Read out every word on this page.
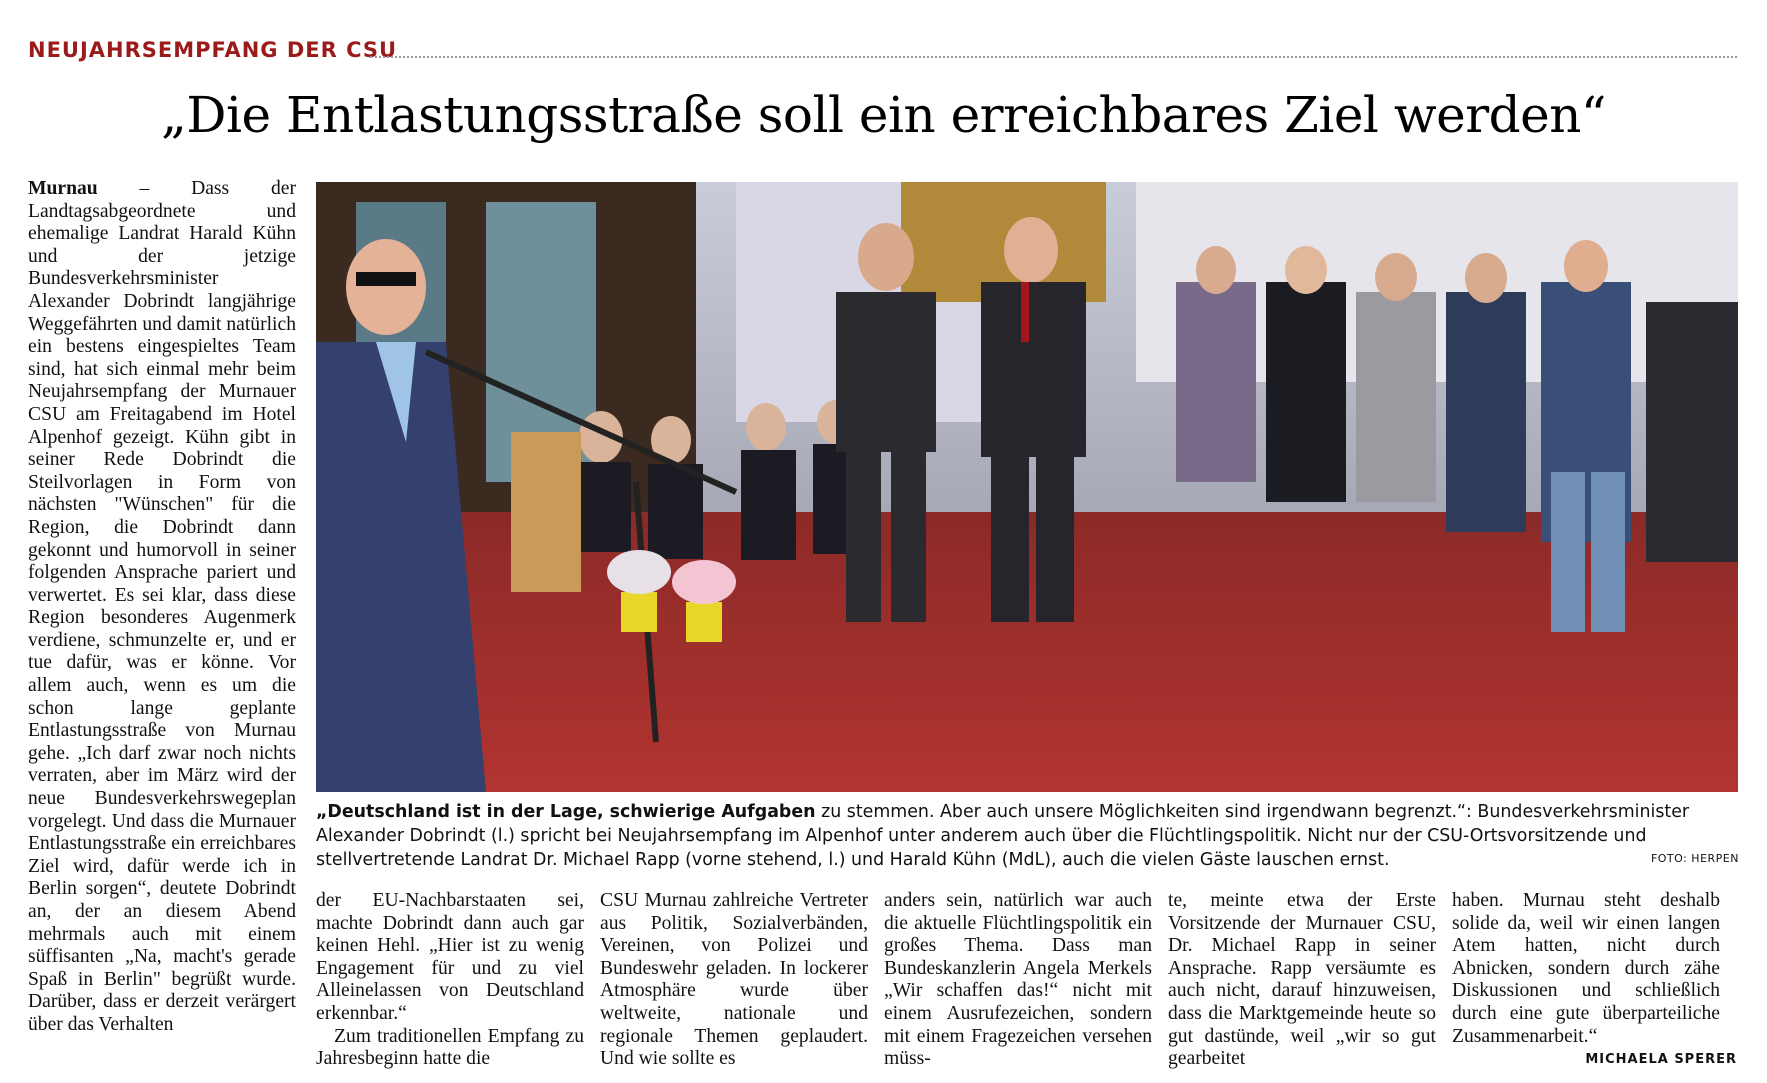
NEUJAHRSEMPFANG DER CSU
„Die Entlastungsstraße soll ein erreichbares Ziel werden“

Murnau – Dass der Landtagsabgeordnete und ehemalige Landrat Harald Kühn und der jetzige Bundesverkehrsminister Alexander Dobrindt langjährige Weggefährten und damit natürlich ein bestens eingespieltes Team sind, hat sich einmal mehr beim Neujahrsempfang der Murnauer CSU am Freitagabend im Hotel Alpenhof gezeigt. Kühn gibt in seiner Rede Dobrindt die Steilvorlagen in Form von nächsten "Wünschen" für die Region, die Dobrindt dann gekonnt und humorvoll in seiner folgenden Ansprache pariert und verwertet. Es sei klar, dass diese Region besonderes Augenmerk verdiene, schmunzelte er, und er tue dafür, was er könne. Vor allem auch, wenn es um die schon lange geplante Entlastungsstraße von Murnau gehe. „Ich darf zwar noch nichts verraten, aber im März wird der neue Bundesverkehrswegeplan vorgelegt. Und dass die Murnauer Entlastungsstraße ein erreichbares Ziel wird, dafür werde ich in Berlin sorgen“, deutete Dobrindt an, der an diesem Abend mehrmals auch mit einem süffisanten „Na, macht's gerade Spaß in Berlin" begrüßt wurde. Darüber, dass er derzeit verärgert über das Verhalten

„Deutschland ist in der Lage, schwierige Aufgaben zu stemmen. Aber auch unsere Möglichkeiten sind irgendwann begrenzt.“: Bundesverkehrsminister Alexander Dobrindt (l.) spricht bei Neujahrsempfang im Alpenhof unter anderem auch über die Flüchtlingspolitik. Nicht nur der CSU-Ortsvorsitzende und stellvertretende Landrat Dr. Michael Rapp (vorne stehend, l.) und Harald Kühn (MdL), auch die vielen Gäste lauschen ernst.	FOTO: HERPEN

der EU-Nachbarstaaten sei, machte Dobrindt dann auch gar keinen Hehl. „Hier ist zu wenig Engagement für und zu viel Alleinelassen von Deutschland erkennbar.“

Zum traditionellen Empfang zu Jahresbeginn hatte die

CSU Murnau zahlreiche Vertreter aus Politik, Sozialverbänden, Vereinen, von Polizei und Bundeswehr geladen. In lockerer Atmosphäre wurde über weltweite, nationale und regionale Themen geplaudert. Und wie sollte es

anders sein, natürlich war auch die aktuelle Flüchtlingspolitik ein großes Thema. Dass man Bundeskanzlerin Angela Merkels „Wir schaffen das!“ nicht mit einem Ausrufezeichen, sondern mit einem Fragezeichen versehen müss-

te, meinte etwa der Erste Vorsitzende der Murnauer CSU, Dr. Michael Rapp in seiner Ansprache. Rapp versäumte es auch nicht, darauf hinzuweisen, dass die Marktgemeinde heute so gut dastünde, weil „wir so gut gearbeitet

haben. Murnau steht deshalb solide da, weil wir einen langen Atem hatten, nicht durch Abnicken, sondern durch zähe Diskussionen und schließlich durch eine gute überparteiliche Zusammenarbeit.“

MICHAELA SPERER
